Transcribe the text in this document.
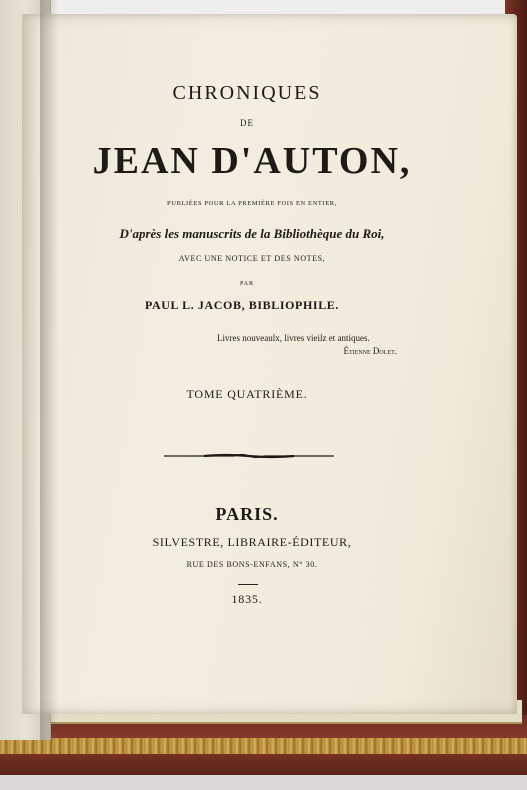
CHRONIQUES
DE
JEAN D'AUTON,
PUBLIÉES POUR LA PREMIÈRE FOIS EN ENTIER,
D'après les manuscrits de la Bibliothèque du Roi,
AVEC UNE NOTICE ET DES NOTES,
PAR
PAUL L. JACOB, BIBLIOPHILE.
Livres nouveaulx, livres vieilz et antiques.
Étienne Dolet.
TOME QUATRIÈME.
PARIS.
SILVESTRE, LIBRAIRE-ÉDITEUR,
RUE DES BONS-ENFANS, N° 30.
1835.
